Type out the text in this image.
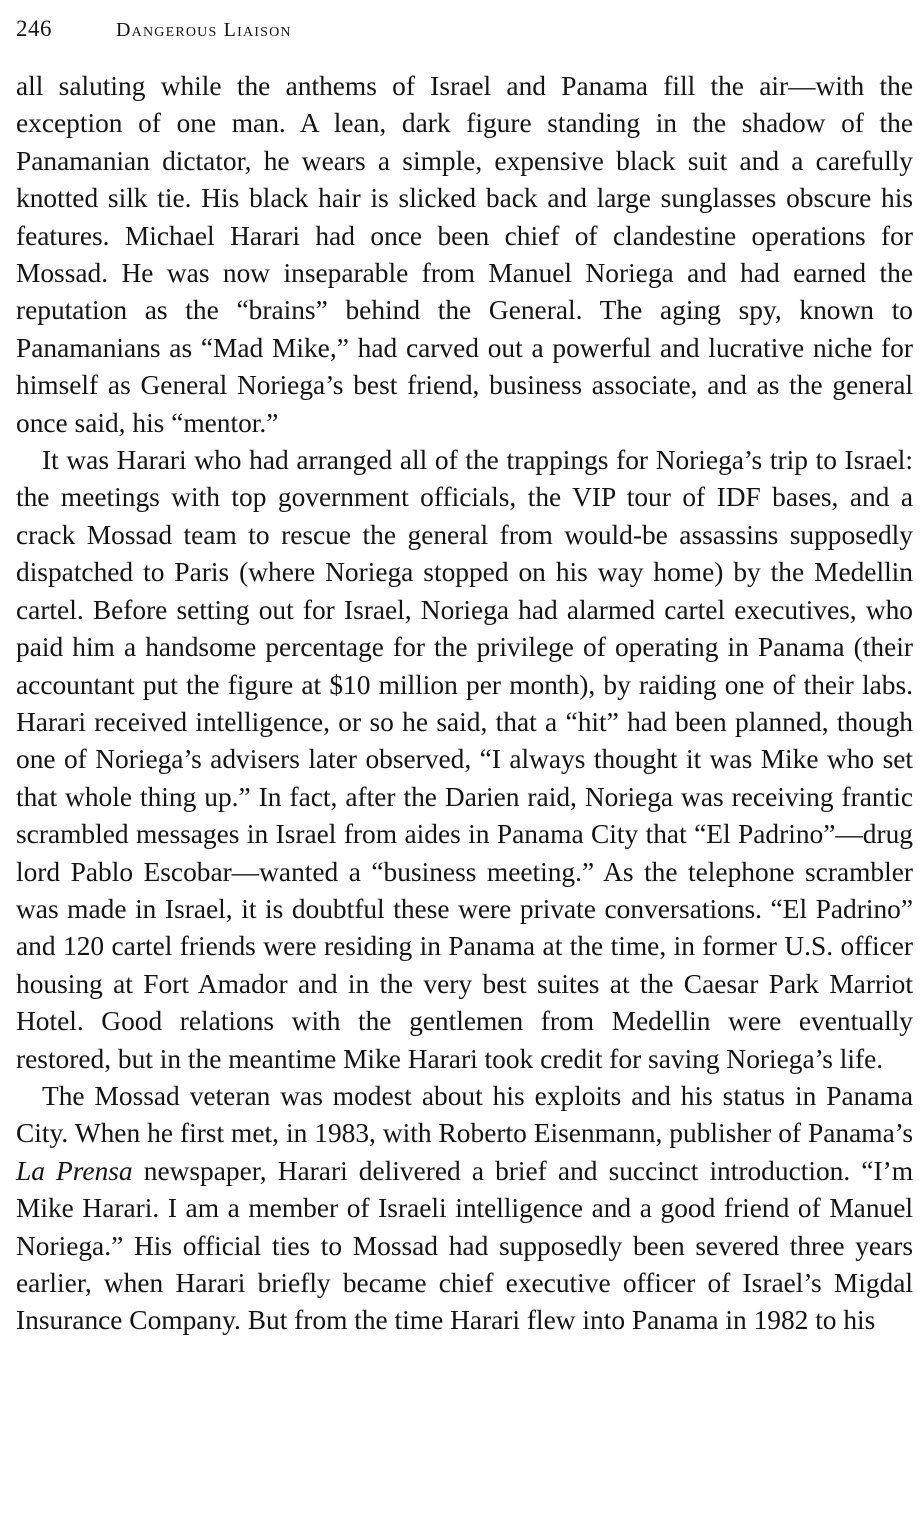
246	Dangerous Liaison

all saluting while the anthems of Israel and Panama fill the air—with the exception of one man. A lean, dark figure standing in the shadow of the Panamanian dictator, he wears a simple, expensive black suit and a carefully knotted silk tie. His black hair is slicked back and large sunglasses obscure his features. Michael Harari had once been chief of clandestine operations for Mossad. He was now inseparable from Manuel Noriega and had earned the reputation as the “brains” behind the General. The aging spy, known to Panamanians as “Mad Mike,” had carved out a powerful and lucrative niche for himself as General Noriega’s best friend, business associate, and as the general once said, his “mentor.”

It was Harari who had arranged all of the trappings for Noriega’s trip to Israel: the meetings with top government officials, the VIP tour of IDF bases, and a crack Mossad team to rescue the general from would-be assassins supposedly dispatched to Paris (where Noriega stopped on his way home) by the Medellin cartel. Before setting out for Israel, Noriega had alarmed cartel executives, who paid him a handsome percentage for the privilege of operating in Panama (their accountant put the figure at $10 million per month), by raiding one of their labs. Harari received intelligence, or so he said, that a “hit” had been planned, though one of Noriega’s advisers later observed, “I always thought it was Mike who set that whole thing up.” In fact, after the Darien raid, Noriega was receiving frantic scrambled messages in Israel from aides in Panama City that “El Padrino”—drug lord Pablo Escobar—wanted a “business meeting.” As the telephone scrambler was made in Israel, it is doubtful these were private conversations. “El Padrino” and 120 cartel friends were residing in Panama at the time, in former U.S. officer housing at Fort Amador and in the very best suites at the Caesar Park Marriot Hotel. Good relations with the gentlemen from Medellin were eventually restored, but in the meantime Mike Harari took credit for saving Noriega’s life.

The Mossad veteran was modest about his exploits and his status in Panama City. When he first met, in 1983, with Roberto Eisenmann, publisher of Panama’s La Prensa newspaper, Harari delivered a brief and succinct introduction. “I’m Mike Harari. I am a member of Israeli intelligence and a good friend of Manuel Noriega.” His official ties to Mossad had supposedly been severed three years earlier, when Harari briefly became chief executive officer of Israel’s Migdal Insurance Company. But from the time Harari flew into Panama in 1982 to his
